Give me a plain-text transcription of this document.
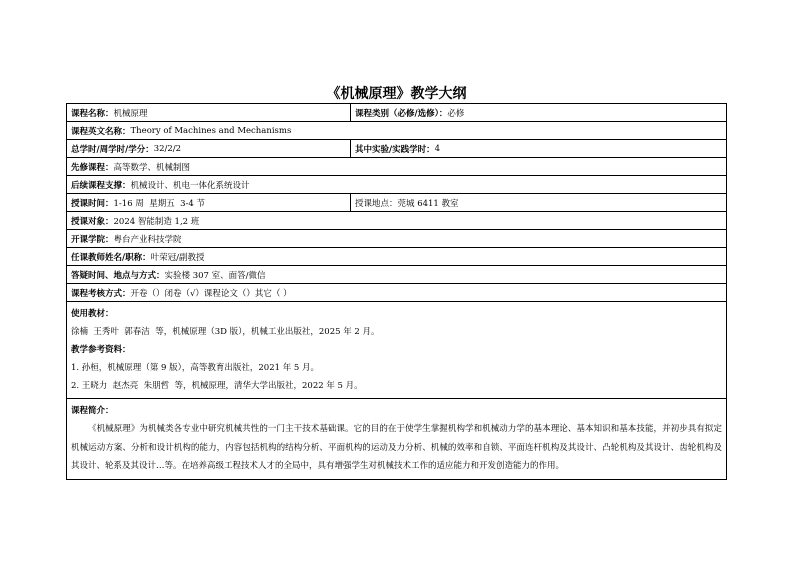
《机械原理》教学大纲
课程名称： 机械原理	课程类别（必修/选修）： 必修
课程英文名称： Theory of Machines and Mechanisms
总学时/周学时/学分： 32/2/2	其中实验/实践学时： 4
先修课程： 高等数学、机械制图
后续课程支撑： 机械设计、机电一体化系统设计
授课时间： 1-16 周  星期五  3-4 节	授课地点：莞城 6411 教室
授课对象： 2024 智能制造 1,2 班
开课学院： 粤台产业科技学院
任课教师姓名/职称： 叶荣冠/副教授
答疑时间、地点与方式： 实验楼 307 室、面答/微信
课程考核方式： 开卷（）闭卷（√）课程论文（）其它（ ）
使用教材：
徐楠  王秀叶  郭春洁  等，机械原理（3D 版），机械工业出版社，2025 年 2 月。
教学参考资料：
1. 孙桓，机械原理（第 9 版），高等教育出版社，2021 年 5 月。
2. 王晓力  赵杰亮  朱朋哲  等，机械原理，清华大学出版社，2022 年 5 月。
课程简介：
《机械原理》为机械类各专业中研究机械共性的一门主干技术基础课。它的目的在于使学生掌握机构学和机械动力学的基本理论、基本知识和基本技能，并初步具有拟定机械运动方案、分析和设计机构的能力，内容包括机构的结构分析、平面机构的运动及力分析、机械的效率和自锁、平面连杆机构及其设计、凸轮机构及其设计、齿轮机构及其设计、轮系及其设计…等。在培养高级工程技术人才的全局中，具有增强学生对机械技术工作的适应能力和开发创造能力的作用。
